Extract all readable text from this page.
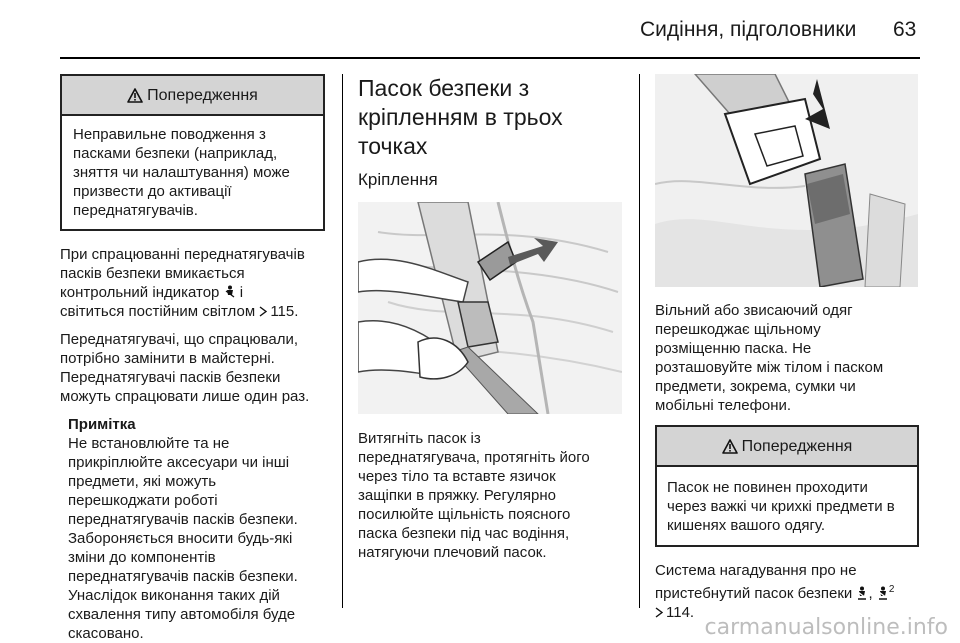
Сидіння, підголовники 63
Попередження
Неправильне поводження з
пасками безпеки (наприклад,
зняття чи налаштування) може
призвести до активації
переднатягувачів.

При спрацюванні переднатягувачів
пасків безпеки вмикається
контрольний індикатор  і
світиться постійним світлом 115.

Переднатягувачі, що спрацювали,
потрібно замінити в майстерні.
Переднатягувачі пасків безпеки
можуть спрацювати лише один раз.

Примітка
Не встановлюйте та не
прикріплюйте аксесуари чи інші
предмети, які можуть
перешкоджати роботі
переднатягувачів пасків безпеки.
Забороняється вносити будь-які
зміни до компонентів
переднатягувачів пасків безпеки.
Унаслідок виконання таких дій
схвалення типу автомобіля буде
скасовано.
Пасок безпеки з
кріпленням в трьох
точках
Кріплення
Витягніть пасок із
переднатягувача, протягніть його
через тіло та вставте язичок
защіпки в пряжку. Регулярно
посилюйте щільність поясного
паска безпеки під час водіння,
натягуючи плечовий пасок.

Вільний або звисаючий одяг
перешкоджає щільному
розміщенню паска. Не
розташовуйте між тілом і паском
предмети, зокрема, сумки чи
мобільні телефони.

Попередження
Пасок не повинен проходити
через важкі чи крихкі предмети в
кишенях вашого одягу.

Система нагадування про не
пристебнутий пасок безпеки , $^2$
114.

carmanualsonline.info
